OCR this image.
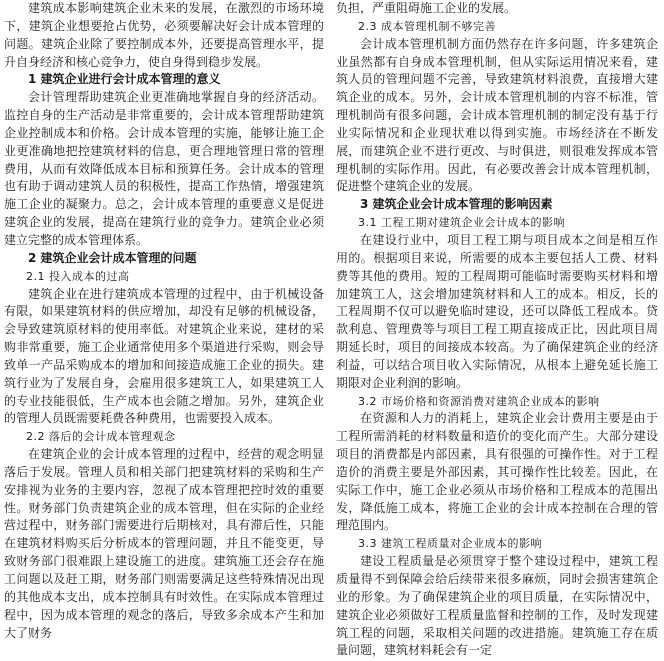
建筑成本影响建筑企业未来的发展，在激烈的市场环境下，建筑企业想要抢占优势，必须要解决好会计成本管理的问题。建筑企业除了要控制成本外，还要提高管理水平，提升自身经济和核心竞争力，使自身得到稳步发展。

1 建筑企业进行会计成本管理的意义

会计管理帮助建筑企业更准确地掌握自身的经济活动。监控自身的生产活动是非常重要的，会计成本管理帮助建筑企业控制成本和价格。会计成本管理的实施，能够让施工企业更准确地把控建筑材料的信息，更合理地管理日常的管理费用，从而有效降低成本目标和预算任务。会计成本的管理也有助于调动建筑人员的积极性，提高工作热情，增强建筑施工企业的凝聚力。总之，会计成本管理的重要意义是促进建筑企业的发展，提高在建筑行业的竞争力。建筑企业必须建立完整的成本管理体系。

2 建筑企业会计成本管理的问题

2.1 投入成本的过高

建筑企业在进行建筑成本管理的过程中，由于机械设备有限，如果建筑材料的供应增加，却没有足够的机械设备，会导致建筑原材料的使用率低。对建筑企业来说，建材的采购非常重要，施工企业通常使用多个渠道进行采购，则会导致单一产品采购成本的增加和间接造成施工企业的损失。建筑行业为了发展自身，会雇用很多建筑工人，如果建筑工人的专业技能很低，生产成本也会随之增加。另外，建筑企业的管理人员既需要耗费各种费用，也需要投入成本。

2.2 落后的会计成本管理观念

在建筑企业的会计成本管理的过程中，经营的观念明显落后于发展。管理人员和相关部门把建筑材料的采购和生产安排视为业务的主要内容，忽视了成本管理把控时效的重要性。财务部门负责建筑企业的成本管理，但在实际的企业经营过程中，财务部门需要进行后期核对，具有滞后性，只能在建筑材料购买后分析成本的管理问题，并且不能变更，导致财务部门很难跟上建设施工的进度。建筑施工还会存在施工问题以及赶工期，财务部门则需要满足这些特殊情况出现的其他成本支出，成本控制具有时效性。在实际成本管理过程中，因为成本管理的观念的落后，导致多余成本产生和加大了财务

负担，严重阻碍施工企业的发展。

2.3 成本管理机制不够完善

会计成本管理机制方面仍然存在许多问题，许多建筑企业虽然都有自身成本管理机制，但从实际运用情况来看，建筑人员的管理问题不完善，导致建筑材料浪费，直接增大建筑企业的成本。另外，会计成本管理机制的内容不标准，管理机制尚有很多问题，会计成本管理机制的制定没有基于行业实际情况和企业现状难以得到实施。市场经济在不断发展，而建筑企业不进行更改、与时俱进，则很难发挥成本管理机制的实际作用。因此，有必要改善会计成本管理机制，促进整个建筑企业的发展。

3 建筑企业会计成本管理的影响因素

3.1 工程工期对建筑企业会计成本的影响

在建设行业中，项目工程工期与项目成本之间是相互作用的。根据项目来说，所需要的成本主要包括人工费、材料费等其他的费用。短的工程周期可能临时需要购买材料和增加建筑工人，这会增加建筑材料和人工的成本。相反，长的工程周期不仅可以避免临时建设，还可以降低工程成本。贷款利息、管理费等与项目工程工期直接成正比，因此项目周期延长时，项目的间接成本较高。为了确保建筑企业的经济利益，可以结合项目收入实际情况，从根本上避免延长施工期限对企业利润的影响。

3.2 市场价格和资源消费对建筑企业成本的影响

在资源和人力的消耗上，建筑企业会计费用主要是由于工程所需消耗的材料数量和造价的变化而产生。大部分建设项目的消费都是内部因素，具有很强的可操作性。对于工程造价的消费主要是外部因素，其可操作性比较差。因此，在实际工作中，施工企业必须从市场价格和工程成本的范围出发，降低施工成本，将施工企业的会计成本控制在合理的管理范围内。

3.3 建筑工程质量对企业成本的影响

建设工程质量是必须贯穿于整个建设过程中，建筑工程质量得不到保障会给后续带来很多麻烦，同时会损害建筑企业的形象。为了确保建筑企业的项目质量，在实际情况中，建筑企业必须做好工程质量监督和控制的工作，及时发现建筑工程的问题，采取相关问题的改进措施。建筑施工存在质量问题，建筑材料耗会有一定
